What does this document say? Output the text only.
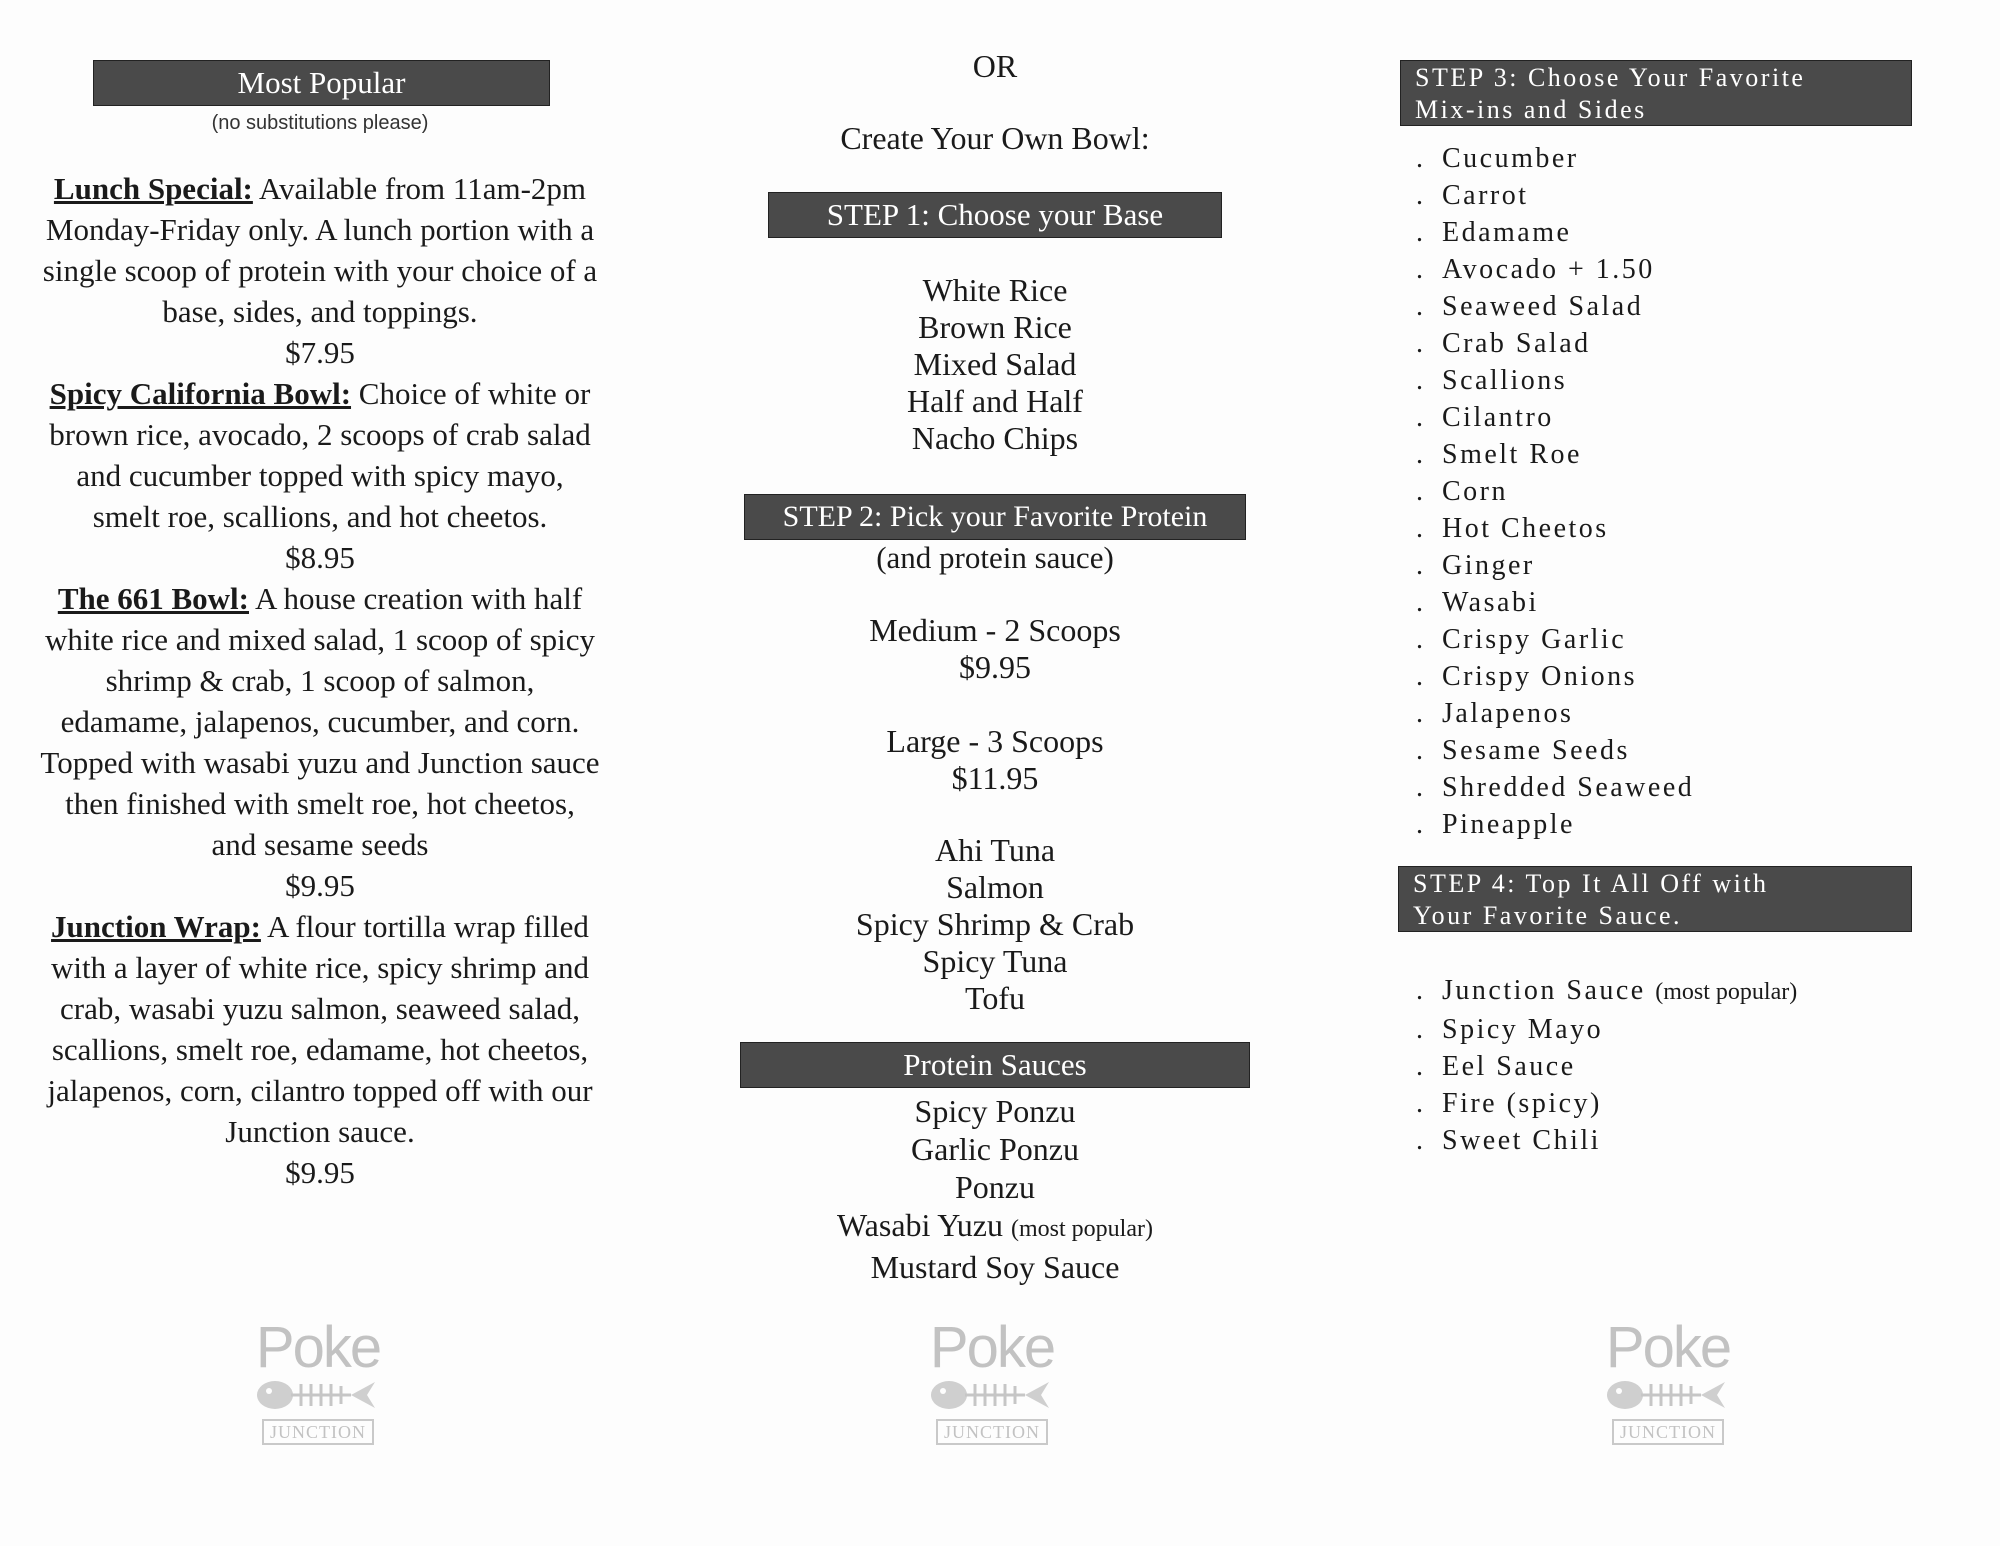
Most Popular
(no substitutions please)
Lunch Special: Available from 11am-2pm Monday-Friday only. A lunch portion with a single scoop of protein with your choice of a base, sides, and toppings.
$7.95
Spicy California Bowl: Choice of white or brown rice, avocado, 2 scoops of crab salad and cucumber topped with spicy mayo, smelt roe, scallions, and hot cheetos.
$8.95
The 661 Bowl: A house creation with half white rice and mixed salad, 1 scoop of spicy shrimp & crab, 1 scoop of salmon, edamame, jalapenos, cucumber, and corn. Topped with wasabi yuzu and Junction sauce then finished with smelt roe, hot cheetos, and sesame seeds
$9.95
Junction Wrap: A flour tortilla wrap filled with a layer of white rice, spicy shrimp and crab, wasabi yuzu salmon, seaweed salad, scallions, smelt roe, edamame, hot cheetos, jalapenos, corn, cilantro topped off with our Junction sauce.
$9.95
OR
Create Your Own Bowl:
STEP 1: Choose your Base
White Rice
Brown Rice
Mixed Salad
Half and Half
Nacho Chips
STEP 2: Pick your Favorite Protein
(and protein sauce)
Medium - 2 Scoops
$9.95
Large - 3 Scoops
$11.95
Ahi Tuna
Salmon
Spicy Shrimp & Crab
Spicy Tuna
Tofu
Protein Sauces
Spicy Ponzu
Garlic Ponzu
Ponzu
Wasabi Yuzu (most popular)
Mustard Soy Sauce
STEP 3: Choose Your Favorite
Mix-ins and Sides
. Cucumber
. Carrot
. Edamame
. Avocado + 1.50
. Seaweed Salad
. Crab Salad
. Scallions
. Cilantro
. Smelt Roe
. Corn
. Hot Cheetos
. Ginger
. Wasabi
. Crispy Garlic
. Crispy Onions
. Jalapenos
. Sesame Seeds
. Shredded Seaweed
. Pineapple
STEP 4: Top It All Off with
Your Favorite Sauce.
. Junction Sauce (most popular)
. Spicy Mayo
. Eel Sauce
. Fire (spicy)
. Sweet Chili
Poke
JUNCTION
Poke
JUNCTION
Poke
JUNCTION
